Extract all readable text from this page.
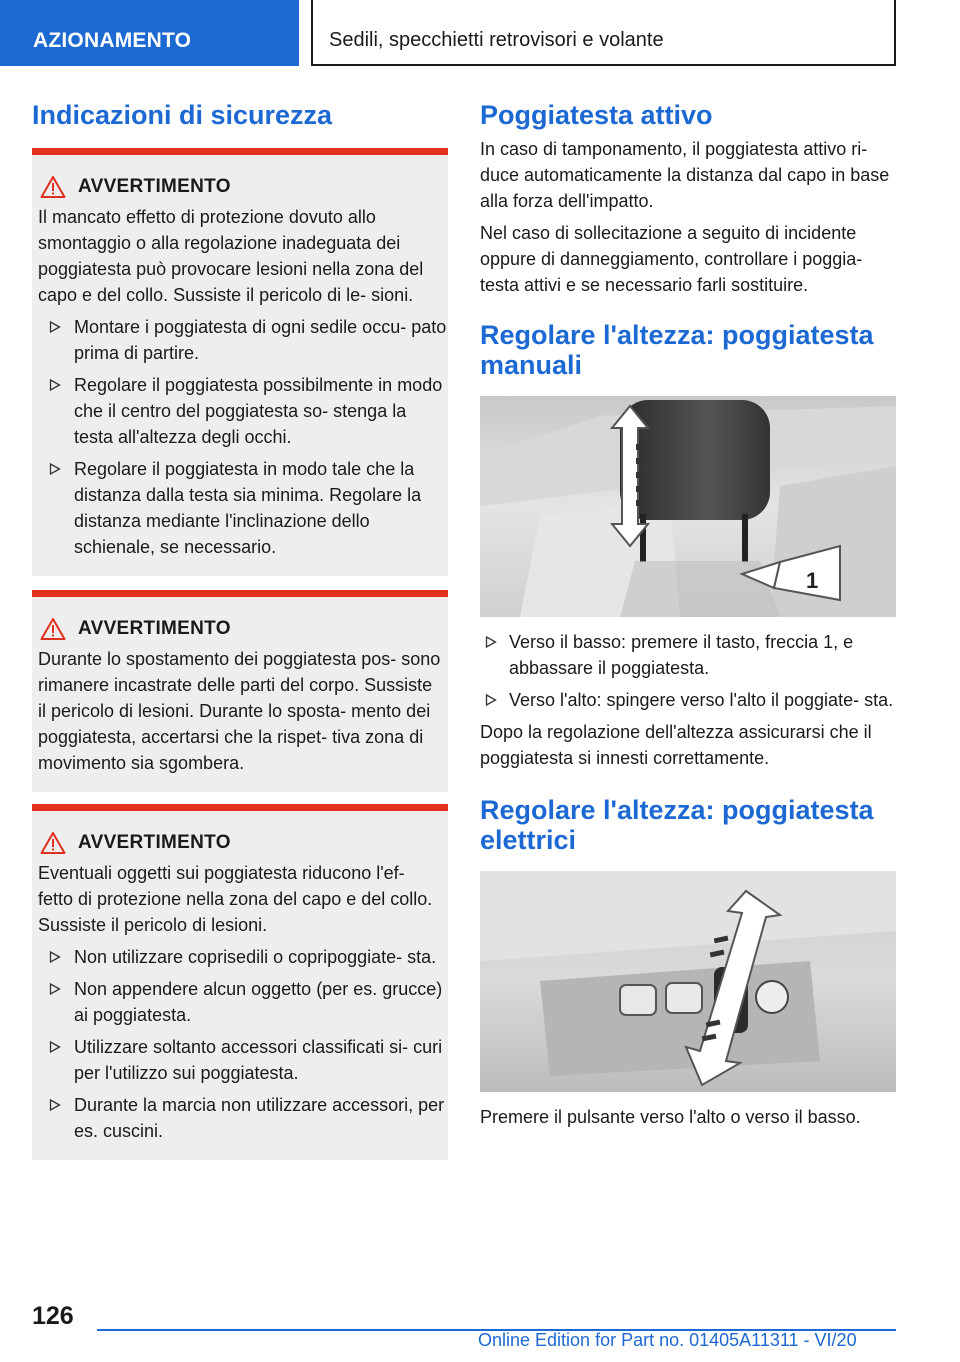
AZIONAMENTO	Sedili, specchietti retrovisori e volante
Indicazioni di sicurezza
AVVERTIMENTO

Il mancato effetto di protezione dovuto allo smontaggio o alla regolazione inadeguata dei poggiatesta può provocare lesioni nella zona del capo e del collo. Sussiste il pericolo di le- sioni.

Montare i poggiatesta di ogni sedile occu- pato prima di partire.
Regolare il poggiatesta possibilmente in modo che il centro del poggiatesta so- stenga la testa all'altezza degli occhi.
Regolare il poggiatesta in modo tale che la distanza dalla testa sia minima. Regolare la distanza mediante l'inclinazione dello schienale, se necessario.
AVVERTIMENTO

Durante lo spostamento dei poggiatesta pos- sono rimanere incastrate delle parti del corpo. Sussiste il pericolo di lesioni. Durante lo sposta- mento dei poggiatesta, accertarsi che la rispet- tiva zona di movimento sia sgombera.

AVVERTIMENTO

Eventuali oggetti sui poggiatesta riducono l'ef- fetto di protezione nella zona del capo e del collo. Sussiste il pericolo di lesioni.

Non utilizzare coprisedili o copripoggiate- sta.
Non appendere alcun oggetto (per es. grucce) ai poggiatesta.
Utilizzare soltanto accessori classificati si- curi per l'utilizzo sui poggiatesta.
Durante la marcia non utilizzare accessori, per es. cuscini.
Poggiatesta attivo

In caso di tamponamento, il poggiatesta attivo ri- duce automaticamente la distanza dal capo in base alla forza dell'impatto.

Nel caso di sollecitazione a seguito di incidente oppure di danneggiamento, controllare i poggia- testa attivi e se necessario farli sostituire.

Regolare l'altezza: poggiatesta manuali
1
Verso il basso: premere il tasto, freccia 1, e abbassare il poggiatesta.
Verso l'alto: spingere verso l'alto il poggiate- sta.

Dopo la regolazione dell'altezza assicurarsi che il poggiatesta si innesti correttamente.

Regolare l'altezza: poggiatesta elettrici

Premere il pulsante verso l'alto o verso il basso.

126
Online Edition for Part no. 01405A11311 - VI/20
